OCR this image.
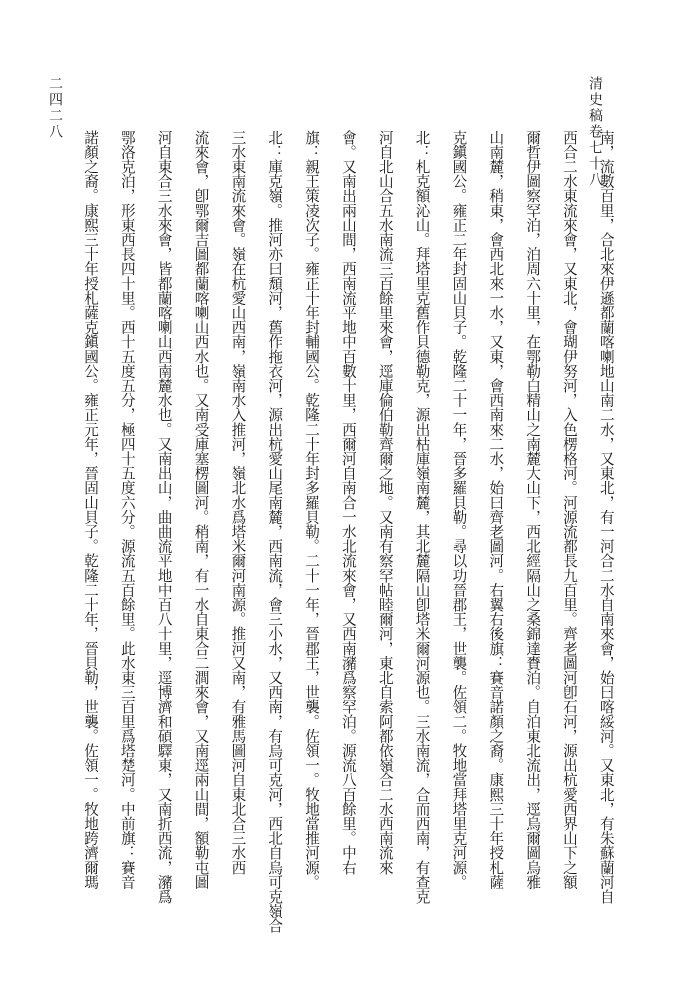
清史稿卷七十八
二四二八
南，流數百里，合北來伊遜都蘭喀喇地山南二水，又東北，有一河合二水自南來會，始曰喀綏河。又東北，有朱蘇蘭河自
西合二水東流來會，又東北，會瑚伊努河，入色楞格河。河源流都長九百里。齊老圖河卽石河，源出杭愛西界山下之額
爾哲伊圖察罕泊，泊周六十里，在鄂勒白精山之南麓大山下，西北經隔山之桑錦達賚泊。自泊東北流出，逕烏爾圖烏雅
山南麓，稍東，會西北來一水，又東，會西南來二水，始曰齊老圖河。右翼右後旗：賽音諾顏之裔。康熙三十年授札薩
克鎭國公。雍正二年封固山貝子。乾隆二十一年，晉多羅貝勒。尋以功晉郡王，世襲。佐領二。牧地當拜塔里克河源。
北：札克額沁山。拜塔里克舊作貝德勒克，源出枯庫嶺南麓，其北麓隔山卽塔米爾河源也。三水南流，合而西南，有查克
河自北山合五水南流三百餘里來會，逕庫倫伯勒齊爾之地。又南有察罕帖睦爾河，東北自索阿都依嶺合二水西南流來
會。又南出兩山間，西南流平地中百數十里，西爾河自南合一水北流來會，又西南瀦爲察罕泊。源流八百餘里。中右
旗：親王策凌次子。雍正十年封輔國公。乾隆二十年封多羅貝勒。二十一年，晉郡王，世襲。佐領一。牧地當推河源。
北：庫克嶺。推河亦曰頹河，舊作拖衣河，源出杭愛山尾南麓，西南流，會三小水，又西南，有烏可克河，西北自烏可克嶺合
三水東南流來會。嶺在杭愛山西南，嶺南水入推河，嶺北水爲塔米爾河南源。推河又南，有雅馬圖河自東北合三水西
流來會，卽鄂爾吉圖都蘭喀喇山西水也。又南受庫塞楞圖河。稍南，有一水自東合二澗來會，又南逕兩山間，額勒屯圖
河自東合三水來會，皆都蘭喀喇山西南麓水也。又南出山，曲曲流平地中百八十里，逕博濟和碩驛東，又南折西流，瀦爲
鄂洛克泊，形東西長四十里。西十五度五分，極四十五度六分。源流五百餘里。此水東三百里爲塔楚河。中前旗：賽音
諾顏之裔。康熙三十年授札薩克鎭國公。雍正元年，晉固山貝子。乾隆二十年，晉貝勒，世襲。佐領一。牧地跨濟爾瑪
